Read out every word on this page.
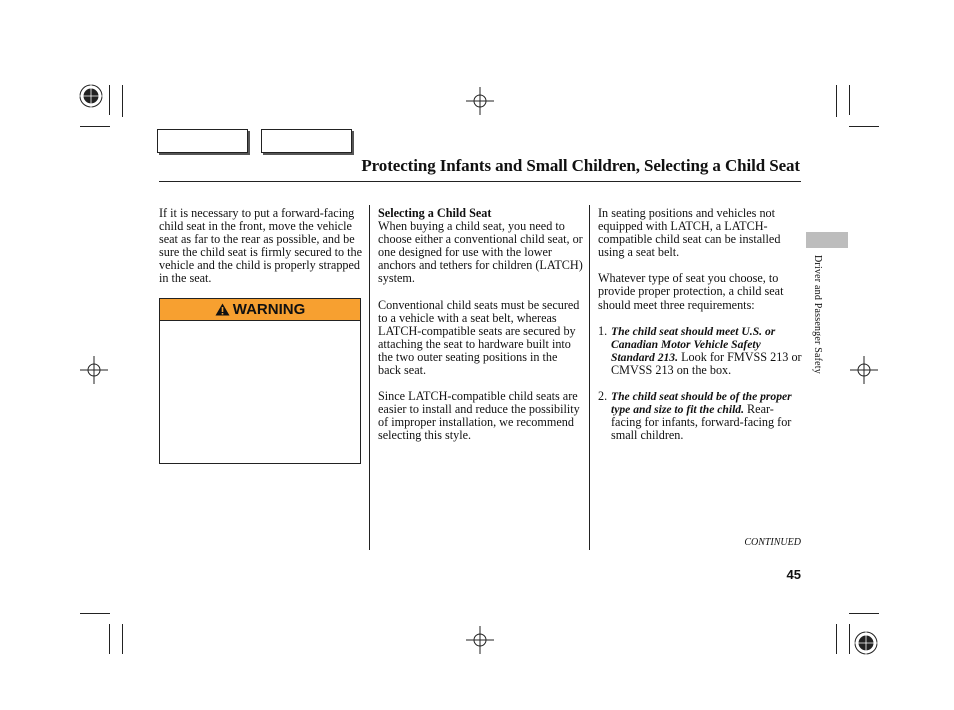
Protecting Infants and Small Children, Selecting a Child Seat

If it is necessary to put a forward-facing child seat in the front, move the vehicle seat as far to the rear as possible, and be sure the child seat is firmly secured to the vehicle and the child is properly strapped in the seat.

WARNING
Selecting a Child Seat

When buying a child seat, you need to choose either a conventional child seat, or one designed for use with the lower anchors and tethers for children (LATCH) system.

Conventional child seats must be secured to a vehicle with a seat belt, whereas LATCH-compatible seats are secured by attaching the seat to hardware built into the two outer seating positions in the back seat.

Since LATCH-compatible child seats are easier to install and reduce the possibility of improper installation, we recommend selecting this style.

In seating positions and vehicles not equipped with LATCH, a LATCH-compatible child seat can be installed using a seat belt.

Whatever type of seat you choose, to provide proper protection, a child seat should meet three requirements:

1. The child seat should meet U.S. or Canadian Motor Vehicle Safety Standard 213. Look for FMVSS 213 or CMVSS 213 on the box.
2. The child seat should be of the proper type and size to fit the child. Rear-facing for infants, forward-facing for small children.
Driver and Passenger Safety
CONTINUED
45
